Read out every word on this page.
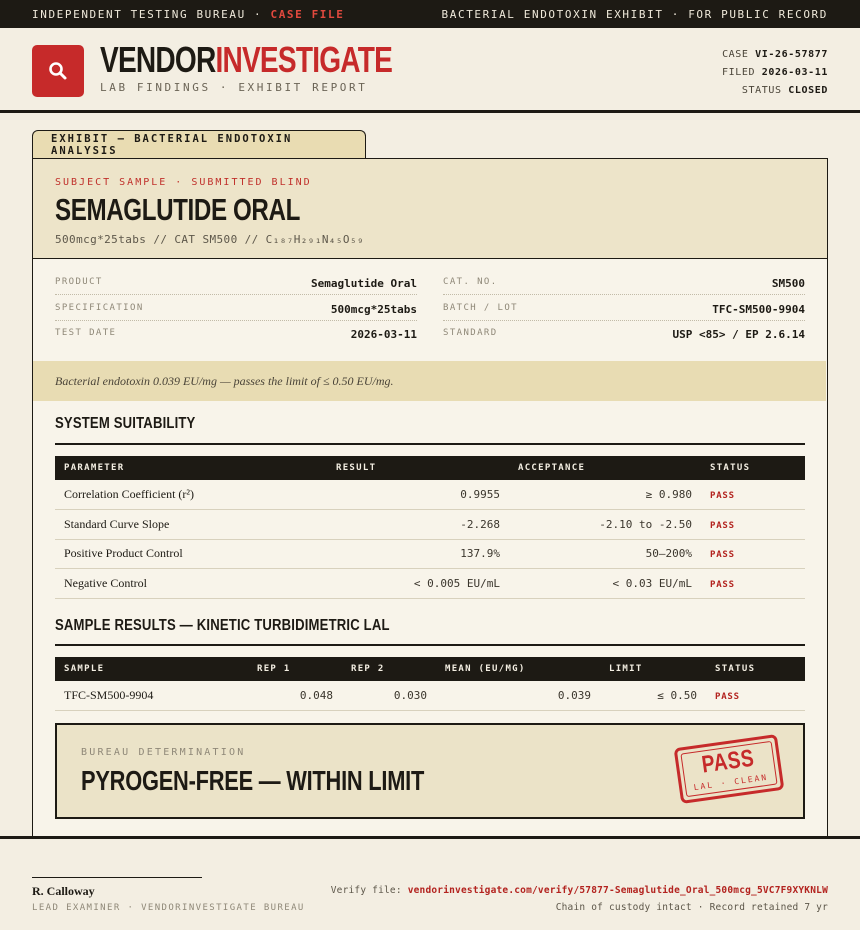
INDEPENDENT TESTING BUREAU · CASE FILE	BACTERIAL ENDOTOXIN EXHIBIT · FOR PUBLIC RECORD
VENDORINVESTIGATE
LAB FINDINGS · EXHIBIT REPORT
CASE VI-26-57877
FILED 2026-03-11
STATUS CLOSED
EXHIBIT — BACTERIAL ENDOTOXIN ANALYSIS
SUBJECT SAMPLE · SUBMITTED BLIND
SEMAGLUTIDE ORAL
500mcg*25tabs // CAT SM500 // C₁₈₇H₂₉₁N₄₅O₅₉
PRODUCT	Semaglutide Oral
SPECIFICATION	500mcg*25tabs
TEST DATE	2026-03-11
CAT. NO.	SM500
BATCH / LOT	TFC-SM500-9904
STANDARD	USP <85> / EP 2.6.14
Bacterial endotoxin 0.039 EU/mg — passes the limit of ≤ 0.50 EU/mg.
SYSTEM SUITABILITY
PARAMETER	RESULT	ACCEPTANCE	STATUS
Correlation Coefficient (r²)	0.9955	≥ 0.980	PASS
Standard Curve Slope	-2.268	-2.10 to -2.50	PASS
Positive Product Control	137.9%	50–200%	PASS
Negative Control	< 0.005 EU/mL	< 0.03 EU/mL	PASS
SAMPLE RESULTS — KINETIC TURBIDIMETRIC LAL
SAMPLE	REP 1	REP 2	MEAN (EU/MG)	LIMIT	STATUS
TFC-SM500-9904	0.048	0.030	0.039	≤ 0.50	PASS
BUREAU DETERMINATION
PYROGEN-FREE — WITHIN LIMIT
PASS
LAL · CLEAN
R. Calloway
LEAD EXAMINER · VENDORINVESTIGATE BUREAU
Verify file: vendorinvestigate.com/verify/57877-Semaglutide_Oral_500mcg_5VC7F9XYKNLW
Chain of custody intact · Record retained 7 yr
